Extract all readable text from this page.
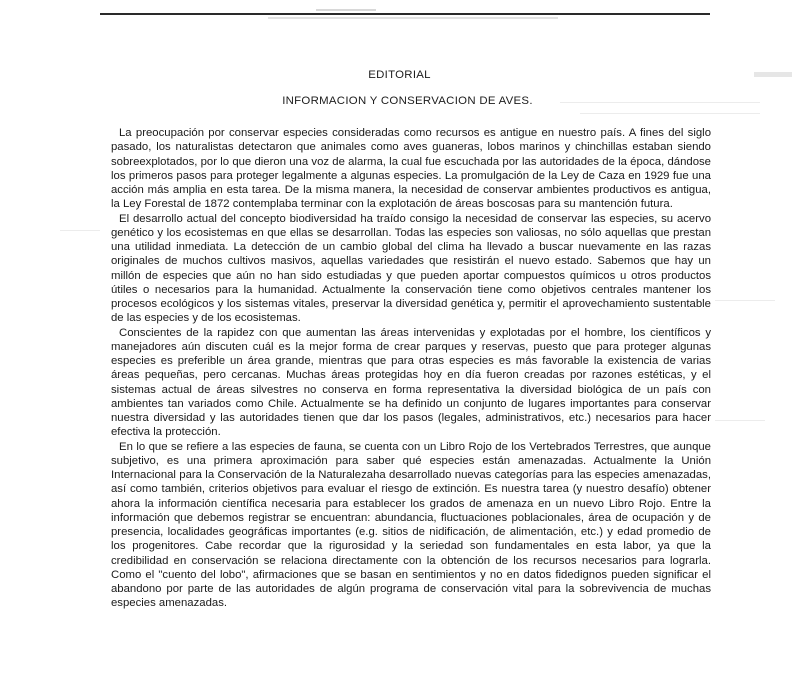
EDITORIAL
INFORMACION Y CONSERVACION DE AVES.

La preocupación por conservar especies consideradas como recursos es antigue en nuestro país. A fines del siglo pasado, los naturalistas detectaron que animales como aves guaneras, lobos marinos y chinchillas estaban siendo sobreexplotados, por lo que dieron una voz de alarma, la cual fue escuchada por las autoridades de la época, dándose los primeros pasos para proteger legalmente a algunas especies. La promulgación de la Ley de Caza en 1929 fue una acción más amplia en esta tarea. De la misma manera, la necesidad de conservar ambientes productivos es antigua, la Ley Forestal de 1872 contemplaba terminar con la explotación de áreas boscosas para su mantención futura.

El desarrollo actual del concepto biodiversidad ha traído consigo la necesidad de conservar las especies, su acervo genético y los ecosistemas en que ellas se desarrollan. Todas las especies son valiosas, no sólo aquellas que prestan una utilidad inmediata. La detección de un cambio global del clima ha llevado a buscar nuevamente en las razas originales de muchos cultivos masivos, aquellas variedades que resistirán el nuevo estado. Sabemos que hay un millón de especies que aún no han sido estudiadas y que pueden aportar compuestos químicos u otros productos útiles o necesarios para la humanidad. Actualmente la conservación tiene como objetivos centrales mantener los procesos ecológicos y los sistemas vitales, preservar la diversidad genética y, permitir el aprovechamiento sustentable de las especies y de los ecosistemas.

Conscientes de la rapidez con que aumentan las áreas intervenidas y explotadas por el hombre, los científicos y manejadores aún discuten cuál es la mejor forma de crear parques y reservas, puesto que para proteger algunas especies es preferible un área grande, mientras que para otras especies es más favorable la existencia de varias áreas pequeñas, pero cercanas. Muchas áreas protegidas hoy en día fueron creadas por razones estéticas, y el sistemas actual de áreas silvestres no conserva en forma representativa la diversidad biológica de un país con ambientes tan variados como Chile. Actualmente se ha definido un conjunto de lugares importantes para conservar nuestra diversidad y las autoridades tienen que dar los pasos (legales, administrativos, etc.) necesarios para hacer efectiva la protección.

En lo que se refiere a las especies de fauna, se cuenta con un Libro Rojo de los Vertebrados Terrestres, que aunque subjetivo, es una primera aproximación para saber qué especies están amenazadas. Actualmente la Unión Internacional para la Conservación de la Naturalezaha desarrollado nuevas categorías para las especies amenazadas, así como también, criterios objetivos para evaluar el riesgo de extinción. Es nuestra tarea (y nuestro desafío) obtener ahora la información científica necesaria para establecer los grados de amenaza en un nuevo Libro Rojo. Entre la información que debemos registrar se encuentran: abundancia, fluctuaciones poblacionales, área de ocupación y de presencia, localidades geográficas importantes (e.g. sitios de nidificación, de alimentación, etc.) y edad promedio de los progenitores. Cabe recordar que la rigurosidad y la seriedad son fundamentales en esta labor, ya que la credibilidad en conservación se relaciona directamente con la obtención de los recursos necesarios para lograrla. Como el "cuento del lobo", afirmaciones que se basan en sentimientos y no en datos fidedignos pueden significar el abandono por parte de las autoridades de algún programa de conservación vital para la sobrevivencia de muchas especies amenazadas.
